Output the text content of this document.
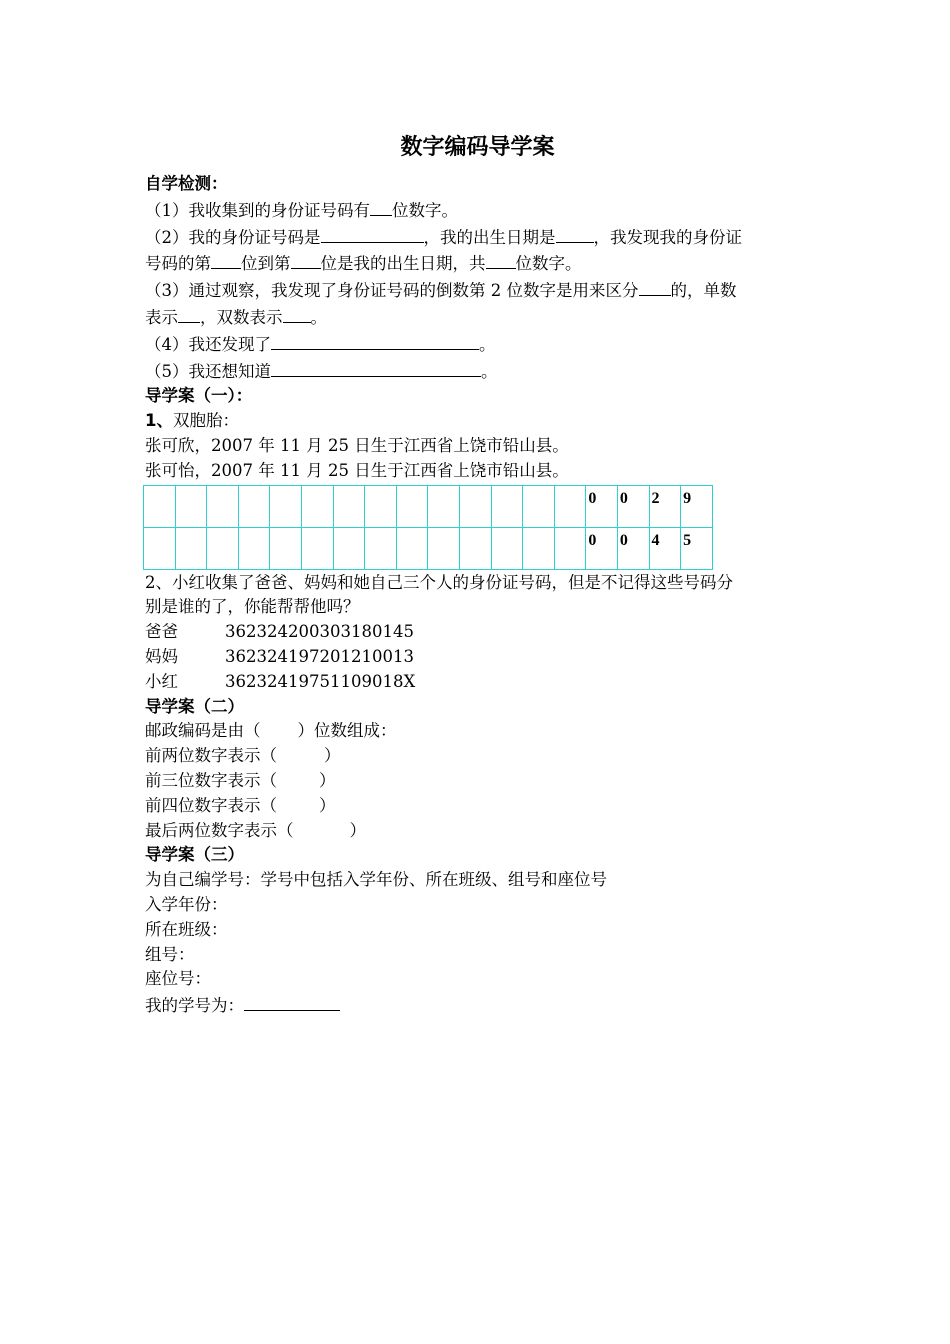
数字编码导学案
自学检测：
（1）我收集到的身份证号码有 位数字。
（2）我的身份证号码是	，我的出生日期是 ，我发现我的身份证
号码的第 位到第 位是我的出生日期，共 位数字。
（3）通过观察，我发现了身份证号码的倒数第 2 位数字是用来区分 的，单数
表示 ，双数表示 。
（4）我还发现了	。
（5）我还想知道	。
导学案（一）：
1、双胞胎：
张可欣，2007 年 11 月 25 日生于江西省上饶市铅山县。
张可怡，2007 年 11 月 25 日生于江西省上饶市铅山县。
														0	0	2	9
														0	0	4	5
2、小红收集了爸爸、妈妈和她自己三个人的身份证号码，但是不记得这些号码分
别是谁的了，你能帮帮他吗？
爸爸	362324200303180145
妈妈	362324197201210013
小红	36232419751109018X
导学案（二）
邮政编码是由（ ）位数组成：
前两位数字表示（	）
前三位数字表示（	）
前四位数字表示（	）
最后两位数字表示（	）
导学案（三）
为自己编学号：学号中包括入学年份、所在班级、组号和座位号
入学年份：
所在班级：
组号：
座位号：
我的学号为：
